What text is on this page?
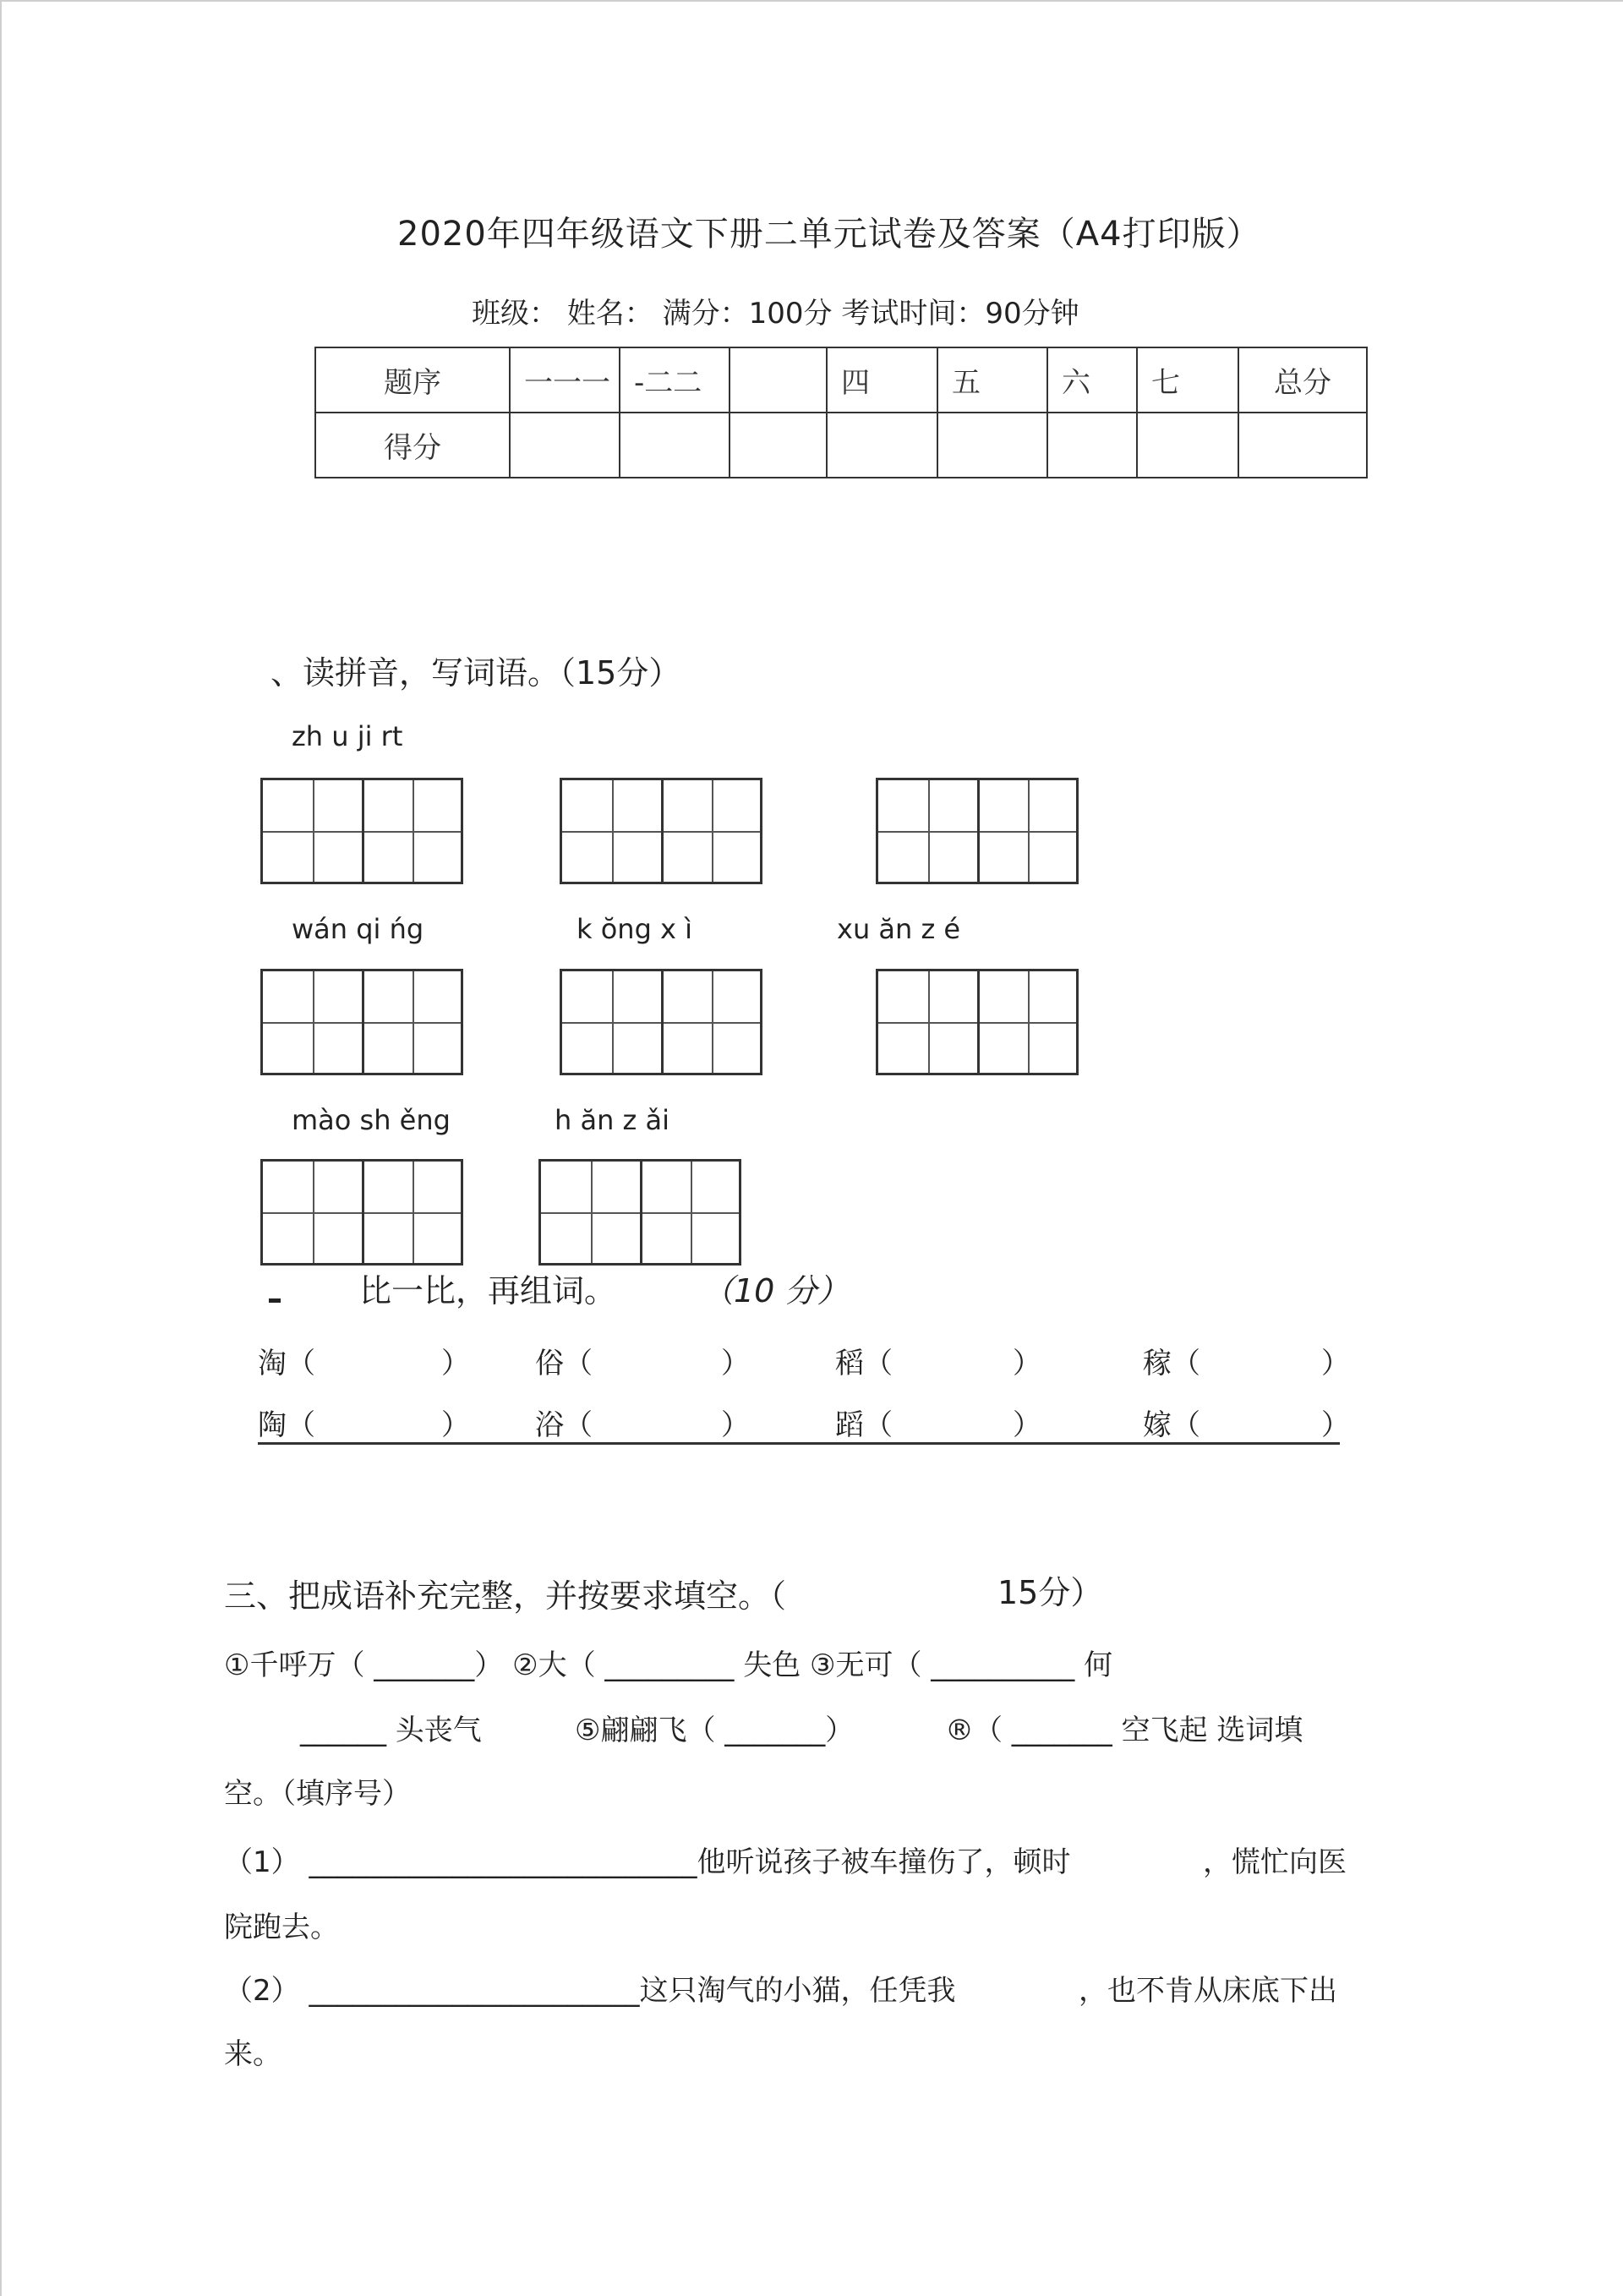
2020年四年级语文下册二单元试卷及答案（A4打印版）
班级： 姓名： 满分：100分 考试时间：90分钟
题序	一一一	-二二		四	五	六	七	总分
得分								
、读拼音，写词语。（15分）
zh u ji rt
wán qi ńg	k ŏng x ì	xu ăn z é
mào sh ěng	h ăn z ǎi
比一比，再组词。	（10 分）
淘（	） 俗（	）	稻（	）	稼（	）
陶（	） 浴（	）	蹈（	）	嫁（	）
三、把成语补充完整，并按要求填空。（	15分）
①千呼万（ _______） ②大（ _________ 失色 ③无可（ __________ 何
______ 头丧气	⑤翩翩飞（ _______）	®（ _______ 空飞起 选词填
空。（填序号）
（1） ___________________________他听说孩子被车撞伤了，顿时	，慌忙向医
院跑去。
（2） _______________________这只淘气的小猫，任凭我	，也不肯从床底下出
来。
